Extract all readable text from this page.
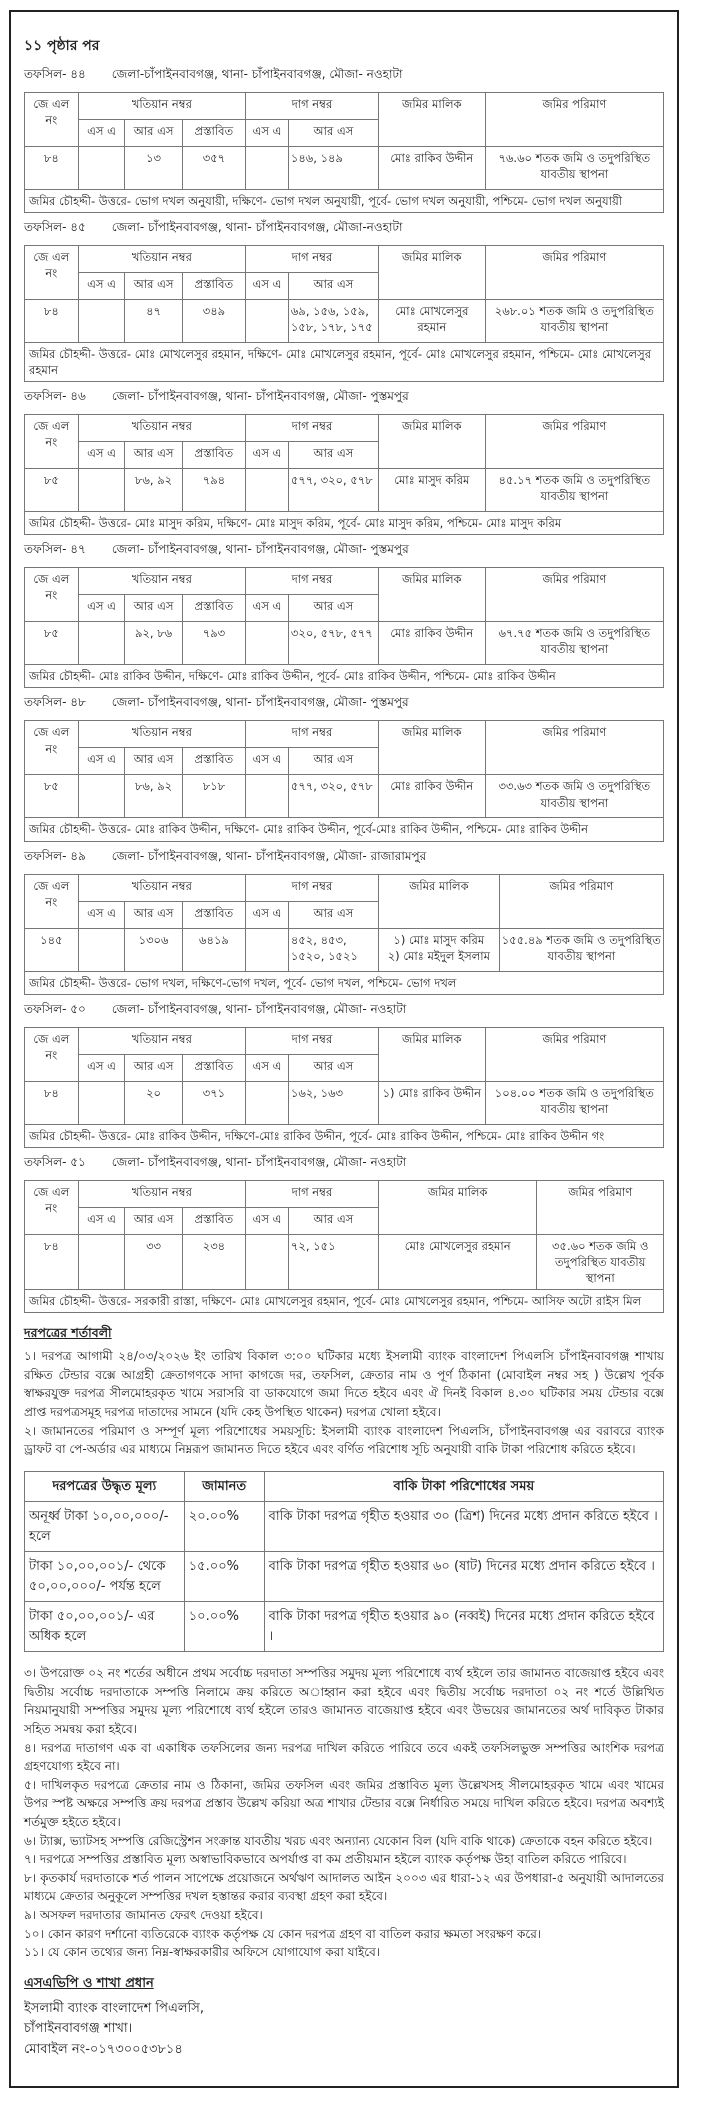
১১ পৃষ্ঠার পর
তফসিল- ৪৪ জেলা-চাঁপাইনবাবগঞ্জ, থানা- চাঁপাইনবাবগঞ্জ, মৌজা- নওহাটা
জে এল নং	খতিয়ান নম্বর			দাগ নম্বর		জমির মালিক	জমির পরিমাণ
	এস এ	আর এস	প্রস্তাবিত	এস এ	আর এস		
৮৪		১৩	৩৫৭		১৪৬, ১৪৯	মোঃ রাকিব উদ্দীন	৭৬.৬০ শতক জমি ও তদুপরিস্থিত যাবতীয় স্থাপনা
জমির চৌহদ্দী- উত্তরে- ভোগ দখল অনুযায়ী, দক্ষিণে- ভোগ দখল অনুযায়ী, পূর্বে- ভোগ দখল অনুযায়ী, পশ্চিমে- ভোগ দখল অনুযায়ী							
তফসিল- ৪৫ জেলা- চাঁপাইনবাবগঞ্জ, থানা- চাঁপাইনবাবগঞ্জ, মৌজা-নওহাটা
জে এল নং	খতিয়ান নম্বর			দাগ নম্বর		জমির মালিক	জমির পরিমাণ
	এস এ	আর এস	প্রস্তাবিত	এস এ	আর এস		
৮৪		৪৭	৩৪৯		৬৯, ১৫৬, ১৫৯, ১৫৮, ১৭৮, ১৭৫	মোঃ মোখলেসুর রহমান	২৬৮.০১ শতক জমি ও তদুপরিস্থিত যাবতীয় স্থাপনা
জমির চৌহদ্দী- উত্তরে- মোঃ মোখলেসুর রহমান, দক্ষিণে- মোঃ মোখলেসুর রহমান, পূর্বে- মোঃ মোখলেসুর রহমান, পশ্চিমে- মোঃ মোখলেসুর রহমান							
তফসিল- ৪৬ জেলা- চাঁপাইনবাবগঞ্জ, থানা- চাঁপাইনবাবগঞ্জ, মৌজা- পুস্তমপুর
জে এল নং	খতিয়ান নম্বর			দাগ নম্বর		জমির মালিক	জমির পরিমাণ
	এস এ	আর এস	প্রস্তাবিত	এস এ	আর এস		
৮৫		৮৬, ৯২	৭৯৪		৫৭৭, ৩২০, ৫৭৮	মোঃ মাসুদ করিম	৪৫.১৭ শতক জমি ও তদুপরিস্থিত যাবতীয় স্থাপনা
জমির চৌহদ্দী- উত্তরে- মোঃ মাসুদ করিম, দক্ষিণে- মোঃ মাসুদ করিম, পূর্বে- মোঃ মাসুদ করিম, পশ্চিমে- মোঃ মাসুদ করিম							
তফসিল- ৪৭ জেলা- চাঁপাইনবাবগঞ্জ, থানা- চাঁপাইনবাবগঞ্জ, মৌজা- পুস্তমপুর
জে এল নং	খতিয়ান নম্বর			দাগ নম্বর		জমির মালিক	জমির পরিমাণ
	এস এ	আর এস	প্রস্তাবিত	এস এ	আর এস		
৮৫		৯২, ৮৬	৭৯৩		৩২০, ৫৭৮, ৫৭৭	মোঃ রাকিব উদ্দীন	৬৭.৭৫ শতক জমি ও তদুপরিস্থিত যাবতীয় স্থাপনা
জমির চৌহদ্দী- মোঃ রাকিব উদ্দীন, দক্ষিণে- মোঃ রাকিব উদ্দীন, পূর্বে- মোঃ রাকিব উদ্দীন, পশ্চিমে- মোঃ রাকিব উদ্দীন							
তফসিল- ৪৮ জেলা- চাঁপাইনবাবগঞ্জ, থানা- চাঁপাইনবাবগঞ্জ, মৌজা- পুস্তমপুর
জে এল নং	খতিয়ান নম্বর			দাগ নম্বর		জমির মালিক	জমির পরিমাণ
	এস এ	আর এস	প্রস্তাবিত	এস এ	আর এস		
৮৫		৮৬, ৯২	৮১৮		৫৭৭, ৩২০, ৫৭৮	মোঃ রাকিব উদ্দীন	৩৩.৬৩ শতক জমি ও তদুপরিস্থিত যাবতীয় স্থাপনা
জমির চৌহদ্দী- উত্তরে- মোঃ রাকিব উদ্দীন, দক্ষিণে- মোঃ রাকিব উদ্দীন, পূর্বে-মোঃ রাকিব উদ্দীন, পশ্চিমে- মোঃ রাকিব উদ্দীন							
তফসিল- ৪৯ জেলা- চাঁপাইনবাবগঞ্জ, থানা- চাঁপাইনবাবগঞ্জ, মৌজা- রাজারামপুর
জে এল নং	খতিয়ান নম্বর			দাগ নম্বর		জমির মালিক	জমির পরিমাণ
	এস এ	আর এস	প্রস্তাবিত	এস এ	আর এস		
১৪৫		১৩০৬	৬৪১৯		৪৫২, ৪৫৩, ১৫২০, ১৫২১	১) মোঃ মাসুদ করিম
২) মোঃ মইদুল ইসলাম	১৫৫.৪৯ শতক জমি ও তদুপরিস্থিত যাবতীয় স্থাপনা
জমির চৌহদ্দী- উত্তরে- ভোগ দখল, দক্ষিণে-ভোগ দখল, পূর্বে- ভোগ দখল, পশ্চিমে- ভোগ দখল							
তফসিল- ৫০ জেলা- চাঁপাইনবাবগঞ্জ, থানা- চাঁপাইনবাবগঞ্জ, মৌজা- নওহাটা
জে এল নং	খতিয়ান নম্বর			দাগ নম্বর		জমির মালিক	জমির পরিমাণ
	এস এ	আর এস	প্রস্তাবিত	এস এ	আর এস		
৮৪		২০	৩৭১		১৬২, ১৬৩	১) মোঃ রাকিব উদ্দীন	১০৪.০০ শতক জমি ও তদুপরিস্থিত যাবতীয় স্থাপনা
জমির চৌহদ্দী- উত্তরে- মোঃ রাকিব উদ্দীন, দক্ষিণে-মোঃ রাকিব উদ্দীন, পূর্বে- মোঃ রাকিব উদ্দীন, পশ্চিমে- মোঃ রাকিব উদ্দীন গং							
তফসিল- ৫১ জেলা- চাঁপাইনবাবগঞ্জ, থানা- চাঁপাইনবাবগঞ্জ, মৌজা- নওহাটা
জে এল নং	খতিয়ান নম্বর			দাগ নম্বর		জমির মালিক	জমির পরিমাণ
	এস এ	আর এস	প্রস্তাবিত	এস এ	আর এস		
৮৪		৩৩	২৩৪		৭২, ১৫১	মোঃ মোখলেসুর রহমান	৩৫.৬০ শতক জমি ও তদুপরিস্থিত যাবতীয় স্থাপনা
জমির চৌহদ্দী- উত্তরে- সরকারী রাস্তা, দক্ষিণে- মোঃ মোখলেসুর রহমান, পূর্বে- মোঃ মোখলেসুর রহমান, পশ্চিমে- আসিফ অটো রাইস মিল							
দরপত্রের শর্তাবলী
১। দরপত্র আগামী ২৪/০৩/২০২৬ ইং তারিখ বিকাল ৩:০০ ঘটিকার মধ্যে ইসলামী ব্যাংক বাংলাদেশ পিএলসি চাঁপাইনবাবগঞ্জ শাখায় রক্ষিত টেন্ডার বক্সে আগ্রহী ক্রেতাগণকে সাদা কাগজে দর, তফসিল, ক্রেতার নাম ও পূর্ণ ঠিকানা (মোবাইল নম্বর সহ ) উল্লেখ পূর্বক স্বাক্ষরযুক্ত দরপত্র সীলমোহরকৃত খামে সরাসরি বা ডাকযোগে জমা দিতে হইবে এবং ঐ দিনই বিকাল ৪.৩০ ঘটিকার সময় টেন্ডার বক্সে প্রাপ্ত দরপত্রসমূহ দরপত্র দাতাদের সামনে (যদি কেহ উপস্থিত থাকেন) দরপত্র খোলা হইবে।
২। জামানতের পরিমাণ ও সম্পূর্ণ মূল্য পরিশোধের সময়সূচি: ইসলামী ব্যাংক বাংলাদেশ পিএলসি, চাঁপাইনবাবগঞ্জ এর বরাবরে ব্যাংক ড্রাফট বা পে-অর্ডার এর মাধ্যমে নিম্নরূপ জামানত দিতে হইবে এবং বর্ণিত পরিশোধ সূচি অনুযায়ী বাকি টাকা পরিশোধ করিতে হইবে।
দরপত্রের উদ্ধৃত মূল্য	জামানত	বাকি টাকা পরিশোধের সময়
অনূর্ধ্ব টাকা ১০,০০,০০০/- হলে	২০.০০%	বাকি টাকা দরপত্র গৃহীত হওয়ার ৩০ (ত্রিশ) দিনের মধ্যে প্রদান করিতে হইবে ।
টাকা ১০,০০,০০১/- থেকে ৫০,০০,০০০/- পর্যন্ত হলে	১৫.০০%	বাকি টাকা দরপত্র গৃহীত হওয়ার ৬০ (ষাট) দিনের মধ্যে প্রদান করিতে হইবে ।
টাকা ৫০,০০,০০১/- এর অধিক হলে	১০.০০%	বাকি টাকা দরপত্র গৃহীত হওয়ার ৯০ (নব্বই) দিনের মধ্যে প্রদান করিতে হইবে ।
৩। উপরোক্ত ০২ নং শর্তের অধীনে প্রথম সর্বোচ্চ দরদাতা সম্পত্তির সমুদয় মূল্য পরিশোধে ব্যর্থ হইলে তার জামানত বাজেয়াপ্ত হইবে এবং দ্বিতীয় সর্বোচ্চ দরদাতাকে সম্পত্তি নিলামে ক্রয় করিতে অাহ্বান করা হইবে এবং দ্বিতীয় সর্বোচ্চ দরদাতা ০২ নং শর্তে উল্লিখিত নিয়মানুযায়ী সম্পত্তির সমুদয় মূল্য পরিশোধে ব্যর্থ হইলে তারও জামানত বাজেয়াপ্ত হইবে এবং উভয়ের জামানতের অর্থ দাবিকৃত টাকার সহিত সমন্বয় করা হইবে।
৪। দরপত্র দাতাগণ এক বা একাধিক তফসিলের জন্য দরপত্র দাখিল করিতে পারিবে তবে একই তফসিলভুক্ত সম্পত্তির আংশিক দরপত্র গ্রহণযোগ্য হইবে না।
৫। দাখিলকৃত দরপত্রে ক্রেতার নাম ও ঠিকানা, জমির তফসিল এবং জমির প্রস্তাবিত মূল্য উল্লেখসহ সীলমোহরকৃত খামে এবং খামের উপর স্পষ্ট অক্ষরে সম্পত্তি ক্রয় দরপত্র প্রস্তাব উল্লেখ করিয়া অত্র শাখার টেন্ডার বক্সে নির্ধারিত সময়ে দাখিল করিতে হইবে। দরপত্র অবশ্যই শর্তমুক্ত হইতে হইবে।
৬। ট্যাক্স, ভ্যাটসহ সম্পত্তি রেজিস্ট্রেশন সংক্রান্ত যাবতীয় খরচ এবং অন্যান্য যেকোন বিল (যদি বাকি থাকে) ক্রেতাকে বহন করিতে হইবে।
৭। দরপত্রে সম্পত্তির প্রস্তাবিত মূল্য অস্বাভাবিকভাবে অপর্যাপ্ত বা কম প্রতীয়মান হইলে ব্যাংক কর্তৃপক্ষ উহা বাতিল করিতে পারিবে।
৮। কৃতকার্য দরদাতাকে শর্ত পালন সাপেক্ষে প্রয়োজনে অর্থঋণ আদালত আইন ২০০৩ এর ধারা-১২ এর উপধারা-৫ অনুযায়ী আদালতের মাধ্যমে ক্রেতার অনুকূলে সম্পত্তির দখল হস্তান্তর করার ব্যবস্থা গ্রহণ করা হইবে।
৯। অসফল দরদাতার জামানত ফেরৎ দেওয়া হইবে।
১০। কোন কারণ দর্শানো ব্যতিরেকে ব্যাংক কর্তৃপক্ষ যে কোন দরপত্র গ্রহণ বা বাতিল করার ক্ষমতা সংরক্ষণ করে।
১১। যে কোন তথ্যের জন্য নিম্ন-স্বাক্ষরকারীর অফিসে যোগাযোগ করা যাইবে।
এসএভিপি ও শাখা প্রধান
ইসলামী ব্যাংক বাংলাদেশ পিএলসি,
চাঁপাইনবাবগঞ্জ শাখা।
মোবাইল নং-০১৭৩০০৫৩৮১৪
